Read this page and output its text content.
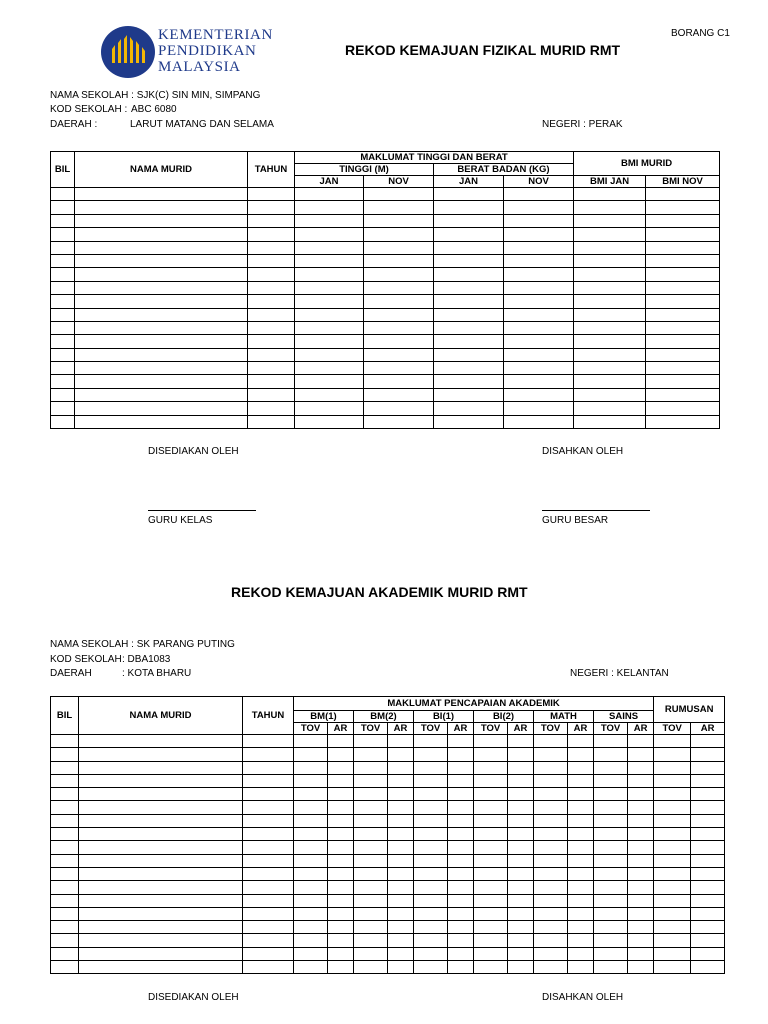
KEMENTERIAN
PENDIDIKAN
MALAYSIA
BORANG C1
REKOD KEMAJUAN FIZIKAL MURID RMT
NAMA SEKOLAH : SJK(C) SIN MIN, SIMPANG
KOD SEKOLAH : ABC 6080
DAERAH :	LARUT MATANG DAN SELAMA	NEGERI : PERAK
BIL	NAMA MURID	TAHUN	MAKLUMAT TINGGI DAN BERAT				BMI MURID	
			TINGGI (M)		BERAT BADAN (KG)			
			JAN	NOV	JAN	NOV	BMI JAN	BMI NOV

DISEDIAKAN OLEH	DISAHKAN OLEH
GURU KELAS	GURU BESAR
REKOD KEMAJUAN AKADEMIK MURID RMT
NAMA SEKOLAH : SK PARANG PUTING
KOD SEKOLAH : DBA1083
DAERAH	: KOTA BHARU	NEGERI : KELANTAN
BIL	NAMA MURID	TAHUN	MAKLUMAT PENCAPAIAN AKADEMIK												RUMUSAN	
			BM(1)		BM(2)		BI(1)		BI(2)		MATH		SAINS			
			TOV	AR	TOV	AR	TOV	AR	TOV	AR	TOV	AR	TOV	AR	TOV	AR

DISEDIAKAN OLEH	DISAHKAN OLEH
